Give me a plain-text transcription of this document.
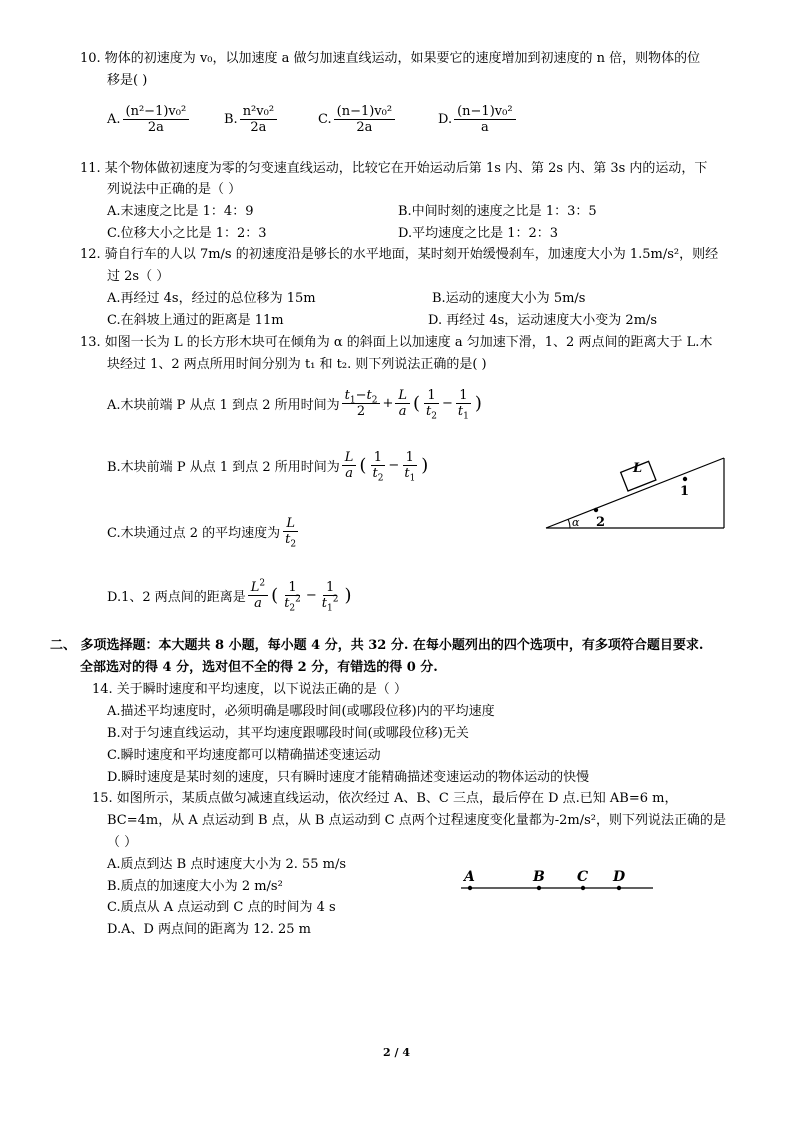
10. 物体的初速度为 v₀，以加速度 a 做匀加速直线运动，如果要它的速度增加到初速度的 n 倍，则物体的位
移是( )
A. $\frac{\text{(n²−1)v₀²}}{2a}$	B. $\frac{\text{n²v₀²}}{2a}$	C. $\frac{\text{(n−1)v₀²}}{2a}$	D. $\frac{\text{(n−1)v₀²}}{a}$
11. 某个物体做初速度为零的匀变速直线运动，比较它在开始运动后第 1s 内、第 2s 内、第 3s 内的运动，下
列说法中正确的是（ ）
A.末速度之比是 1：4：9	B.中间时刻的速度之比是 1：3：5
C.位移大小之比是 1：2：3	D.平均速度之比是 1：2：3
12. 骑自行车的人以 7m/s 的初速度沿是够长的水平地面，某时刻开始缓慢刹车，加速度大小为 1.5m/s²，则经
过 2s（ ）
A.再经过 4s，经过的总位移为 15m	B.运动的速度大小为 5m/s
C.在斜坡上通过的距离是 11m	D. 再经过 4s，运动速度大小变为 2m/s
13. 如图一长为 L 的长方形木块可在倾角为 α 的斜面上以加速度 a 匀加速下滑，1、2 两点间的距离大于 L.木
块经过 1、2 两点所用时间分别为 t₁ 和 t₂. 则下列说法正确的是( )
A.木块前端 P 从点 1 到点 2 所用时间为 $\frac{t_1-t_2}{2} + \frac{L}{a}$ ( $\frac{1}{t_2} - \frac{1}{t_1}$ )
B.木块前端 P 从点 1 到点 2 所用时间为 $\frac{L}{a}$ ( $\frac{1}{t_2} - \frac{1}{t_1}$ )
C.木块通过点 2 的平均速度为 $\frac{L}{t_2}$
D.1、2 两点间的距离是 $\frac{L^2}{a}$ ( $\frac{1}{t_2^2} - \frac{1}{t_1^2}$ )
α
L
1
2
二、 多项选择题：本大题共 8 小题，每小题 4 分，共 32 分. 在每小题列出的四个选项中，有多项符合题目要求.
全部选对的得 4 分，选对但不全的得 2 分，有错选的得 0 分.
14. 关于瞬时速度和平均速度，以下说法正确的是（ ）
A.描述平均速度时，必须明确是哪段时间(或哪段位移)内的平均速度
B.对于匀速直线运动，其平均速度跟哪段时间(或哪段位移)无关
C.瞬时速度和平均速度都可以精确描述变速运动
D.瞬时速度是某时刻的速度，只有瞬时速度才能精确描述变速运动的物体运动的快慢
15. 如图所示，某质点做匀减速直线运动，依次经过 A、B、C 三点，最后停在 D 点.已知 AB=6 m，
BC=4m，从 A 点运动到 B 点，从 B 点运动到 C 点两个过程速度变化量都为-2m/s²，则下列说法正确的是
（ ）
A.质点到达 B 点时速度大小为 2. 55 m/s
B.质点的加速度大小为 2 m/s²
C.质点从 A 点运动到 C 点的时间为 4 s
D.A、D 两点间的距离为 12. 25 m
A	B C D
2 / 4
